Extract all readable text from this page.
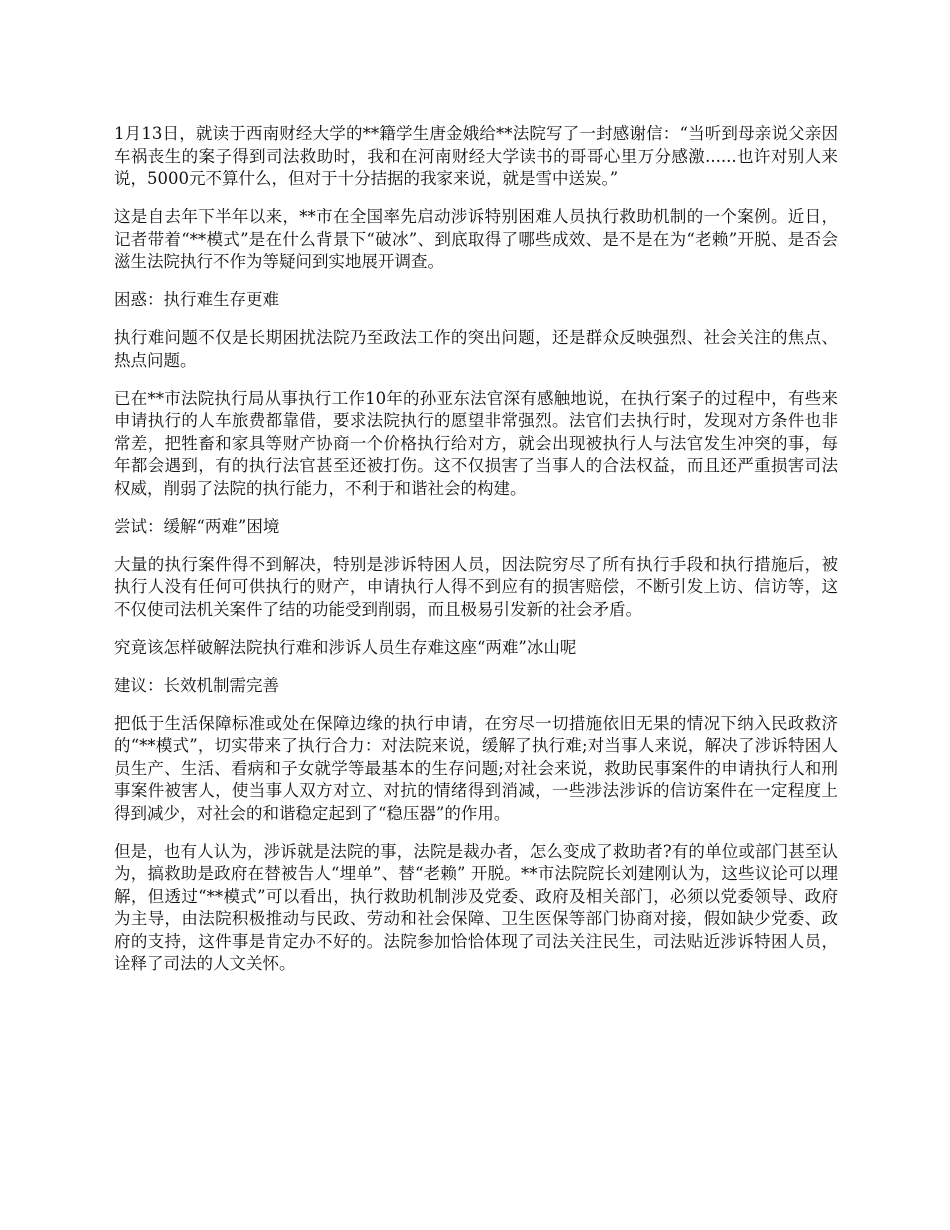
1月13日，就读于西南财经大学的**籍学生唐金娥给**法院写了一封感谢信：“当听到母亲说父亲因车祸丧生的案子得到司法救助时，我和在河南财经大学读书的哥哥心里万分感激......也许对别人来说，5000元不算什么，但对于十分拮据的我家来说，就是雪中送炭。”

这是自去年下半年以来，**市在全国率先启动涉诉特别困难人员执行救助机制的一个案例。近日，记者带着“**模式”是在什么背景下“破冰”、到底取得了哪些成效、是不是在为“老赖”开脱、是否会滋生法院执行不作为等疑问到实地展开调查。

困惑：执行难生存更难

执行难问题不仅是长期困扰法院乃至政法工作的突出问题，还是群众反映强烈、社会关注的焦点、热点问题。

已在**市法院执行局从事执行工作10年的孙亚东法官深有感触地说，在执行案子的过程中，有些来申请执行的人车旅费都靠借，要求法院执行的愿望非常强烈。法官们去执行时，发现对方条件也非常差，把牲畜和家具等财产协商一个价格执行给对方，就会出现被执行人与法官发生冲突的事，每年都会遇到，有的执行法官甚至还被打伤。这不仅损害了当事人的合法权益，而且还严重损害司法权威，削弱了法院的执行能力，不利于和谐社会的构建。

尝试：缓解“两难”困境

大量的执行案件得不到解决，特别是涉诉特困人员，因法院穷尽了所有执行手段和执行措施后，被执行人没有任何可供执行的财产，申请执行人得不到应有的损害赔偿，不断引发上访、信访等，这不仅使司法机关案件了结的功能受到削弱，而且极易引发新的社会矛盾。

究竟该怎样破解法院执行难和涉诉人员生存难这座“两难”冰山呢

建议：长效机制需完善

把低于生活保障标准或处在保障边缘的执行申请，在穷尽一切措施依旧无果的情况下纳入民政救济的“**模式”，切实带来了执行合力：对法院来说，缓解了执行难;对当事人来说，解决了涉诉特困人员生产、生活、看病和子女就学等最基本的生存问题;对社会来说，救助民事案件的申请执行人和刑事案件被害人，使当事人双方对立、对抗的情绪得到消减，一些涉法涉诉的信访案件在一定程度上得到减少，对社会的和谐稳定起到了“稳压器”的作用。

但是，也有人认为，涉诉就是法院的事，法院是裁办者，怎么变成了救助者?有的单位或部门甚至认为，搞救助是政府在替被告人“埋单”、替“老赖” 开脱。**市法院院长刘建刚认为，这些议论可以理解，但透过“**模式”可以看出，执行救助机制涉及党委、政府及相关部门，必须以党委领导、政府为主导，由法院积极推动与民政、劳动和社会保障、卫生医保等部门协商对接，假如缺少党委、政府的支持，这件事是肯定办不好的。法院参加恰恰体现了司法关注民生，司法贴近涉诉特困人员，诠释了司法的人文关怀。
